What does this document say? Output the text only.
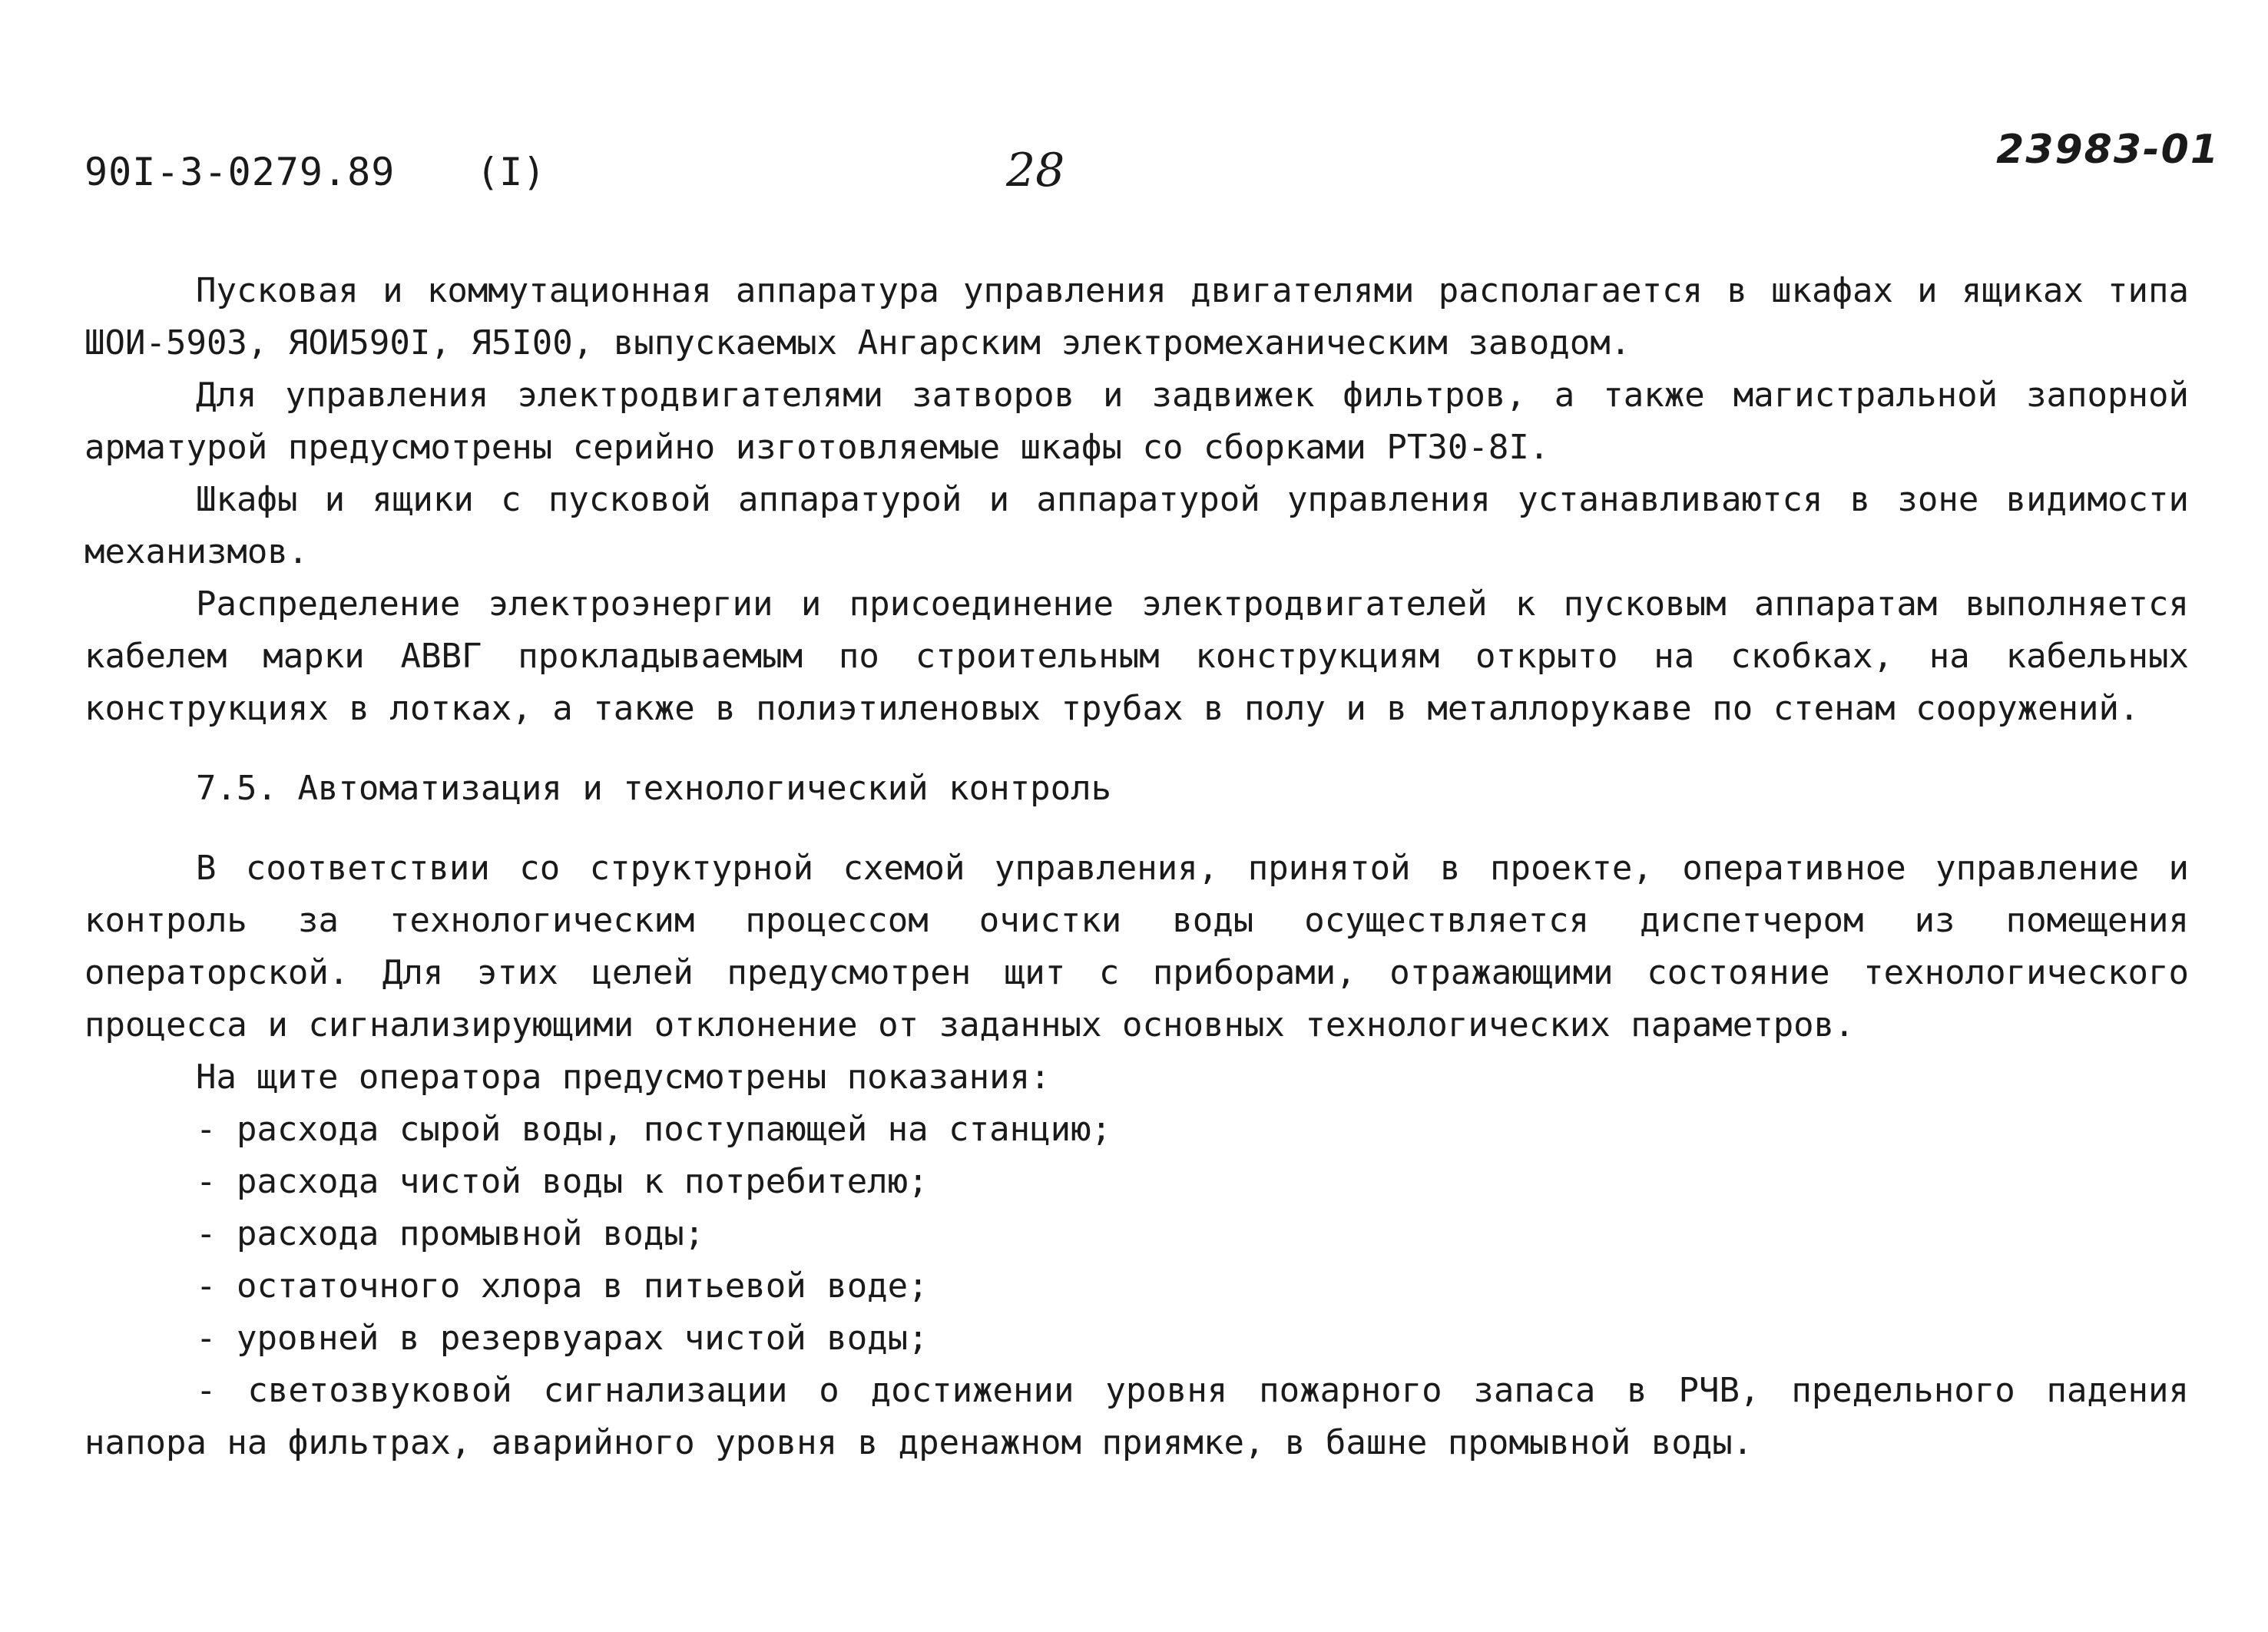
90I-3-0279.89 (I)	28	23983-01

Пусковая и коммутационная аппаратура управления двигателями располагается в шкафах и ящиках типа ШОИ-5903, ЯОИ590I, Я5I00, выпускаемых Ангарским электромеханическим заводом.

Для управления электродвигателями затворов и задвижек фильтров, а также магистральной запорной арматурой предусмотрены серийно изготовляемые шкафы со сборками РТ30-8I.

Шкафы и ящики с пусковой аппаратурой и аппаратурой управления устанавливаются в зоне видимости механизмов.

Распределение электроэнергии и присоединение электродвигателей к пусковым аппаратам выполняется кабелем марки АВВГ прокладываемым по строительным конструкциям открыто на скобках, на кабельных конструкциях в лотках, а также в полиэтиленовых трубах в полу и в металлорукаве по стенам сооружений.

7.5. Автоматизация и технологический контроль

В соответствии со структурной схемой управления, принятой в проекте, оперативное управление и контроль за технологическим процессом очистки воды осуществляется диспетчером из помещения операторской. Для этих целей предусмотрен щит с приборами, отражающими состояние технологического процесса и сигнализирующими отклонение от заданных основных технологических параметров.

На щите оператора предусмотрены показания:

- расхода сырой воды, поступающей на станцию;

- расхода чистой воды к потребителю;

- расхода промывной воды;

- остаточного хлора в питьевой воде;

- уровней в резервуарах чистой воды;

- светозвуковой сигнализации о достижении уровня пожарного запаса в РЧВ, предельного падения напора на фильтрах, аварийного уровня в дренажном приямке, в башне промывной воды.
